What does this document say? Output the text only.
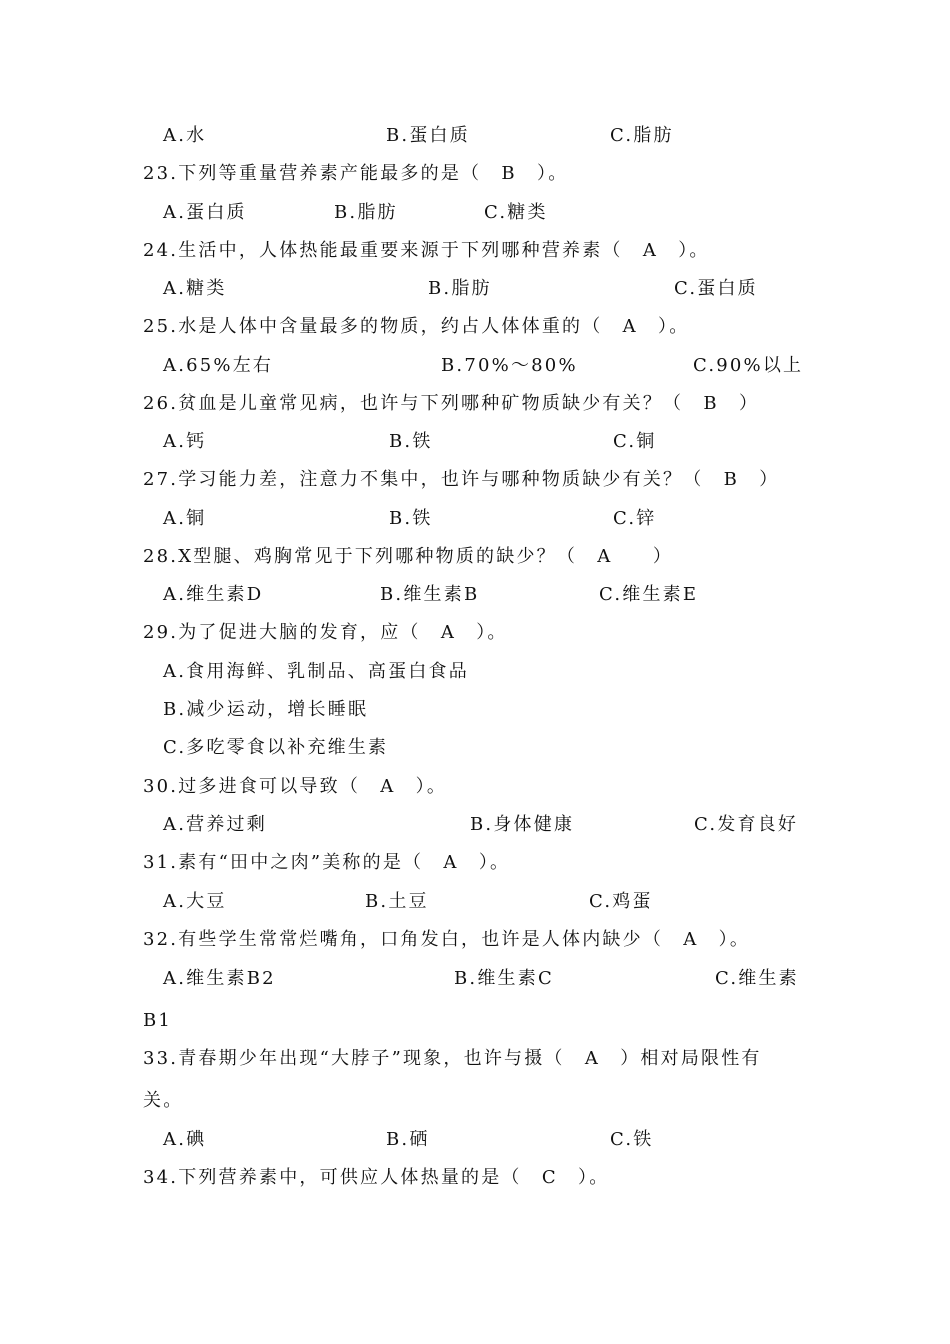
A.水	B.蛋白质	C.脂肪
23.下列等重量营养素产能最多的是（　B　）。
A.蛋白质	B.脂肪	C.糖类
24.生活中，人体热能最重要来源于下列哪种营养素（　A　）。
A.糖类	B.脂肪	C.蛋白质
25.水是人体中含量最多的物质，约占人体体重的（　A　）。
A.65%左右	B.70%～80%	C.90%以上
26.贫血是儿童常见病，也许与下列哪种矿物质缺少有关？（　B　）
A.钙	B.铁	C.铜
27.学习能力差，注意力不集中，也许与哪种物质缺少有关？（　B　）
A.铜	B.铁	C.锌
28.X型腿、鸡胸常见于下列哪种物质的缺少？（　A　　）
A.维生素D	B.维生素B	C.维生素E
29.为了促进大脑的发育，应（　A　）。
A.食用海鲜、乳制品、高蛋白食品
B.减少运动，增长睡眠
C.多吃零食以补充维生素
30.过多进食可以导致（　A　）。
A.营养过剩	B.身体健康	C.发育良好
31.素有“田中之肉”美称的是（　A　）。
A.大豆	B.土豆	C.鸡蛋
32.有些学生常常烂嘴角，口角发白，也许是人体内缺少（　A　）。
A.维生素B2	B.维生素C	C.维生素
B1
33.青春期少年出现“大脖子”现象，也许与摄（　A　）相对局限性有
关。
A.碘	B.硒	C.铁
34.下列营养素中，可供应人体热量的是（　C　）。
